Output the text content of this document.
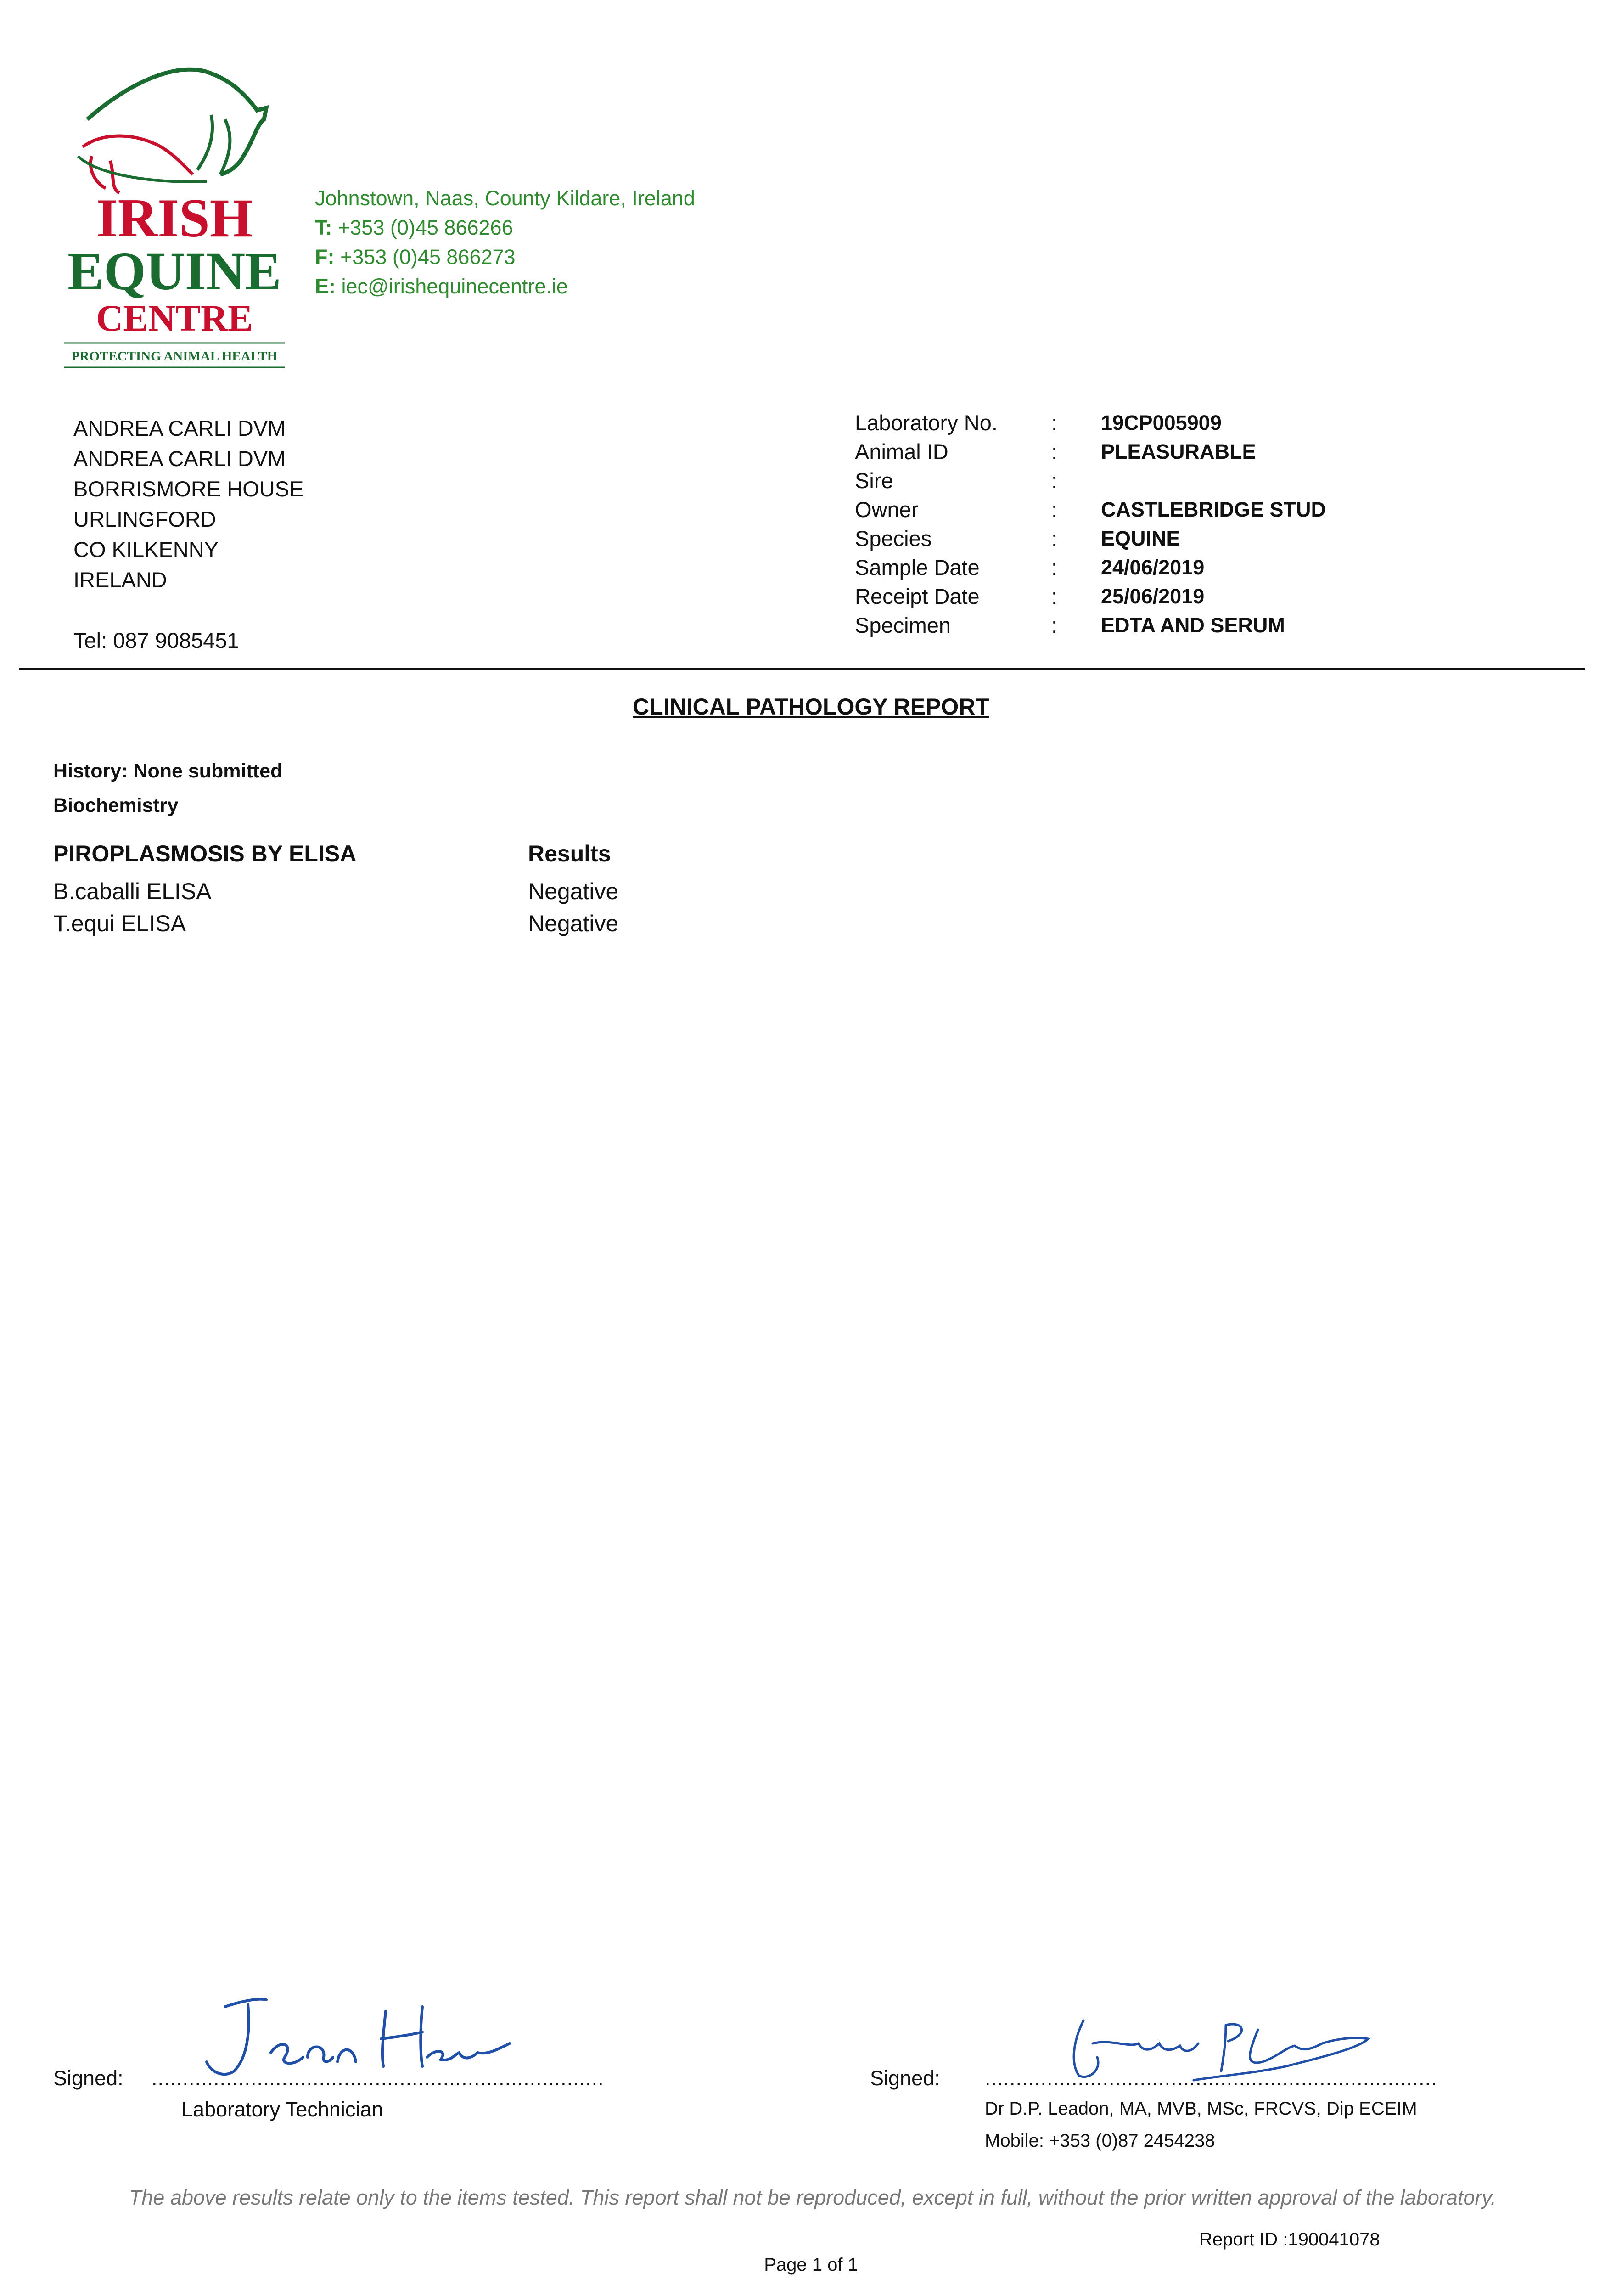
IRISH
EQUINE
CENTRE
PROTECTING ANIMAL HEALTH
Johnstown, Naas, County Kildare, Ireland
T: +353 (0)45 866266
F: +353 (0)45 866273
E: iec@irishequinecentre.ie
ANDREA CARLI DVM
ANDREA CARLI DVM
BORRISMORE HOUSE
URLINGFORD
CO KILKENNY
IRELAND
Tel: 087 9085451
Laboratory No. : 19CP005909
Animal ID	: PLEASURABLE
Sire	:
Owner	: CASTLEBRIDGE STUD
Species	: EQUINE
Sample Date	: 24/06/2019
Receipt Date	: 25/06/2019
Specimen	: EDTA AND SERUM
CLINICAL PATHOLOGY REPORT
History: None submitted
Biochemistry
PIROPLASMOSIS BY ELISA	Results
B.caballi ELISA	Negative
T.equi ELISA	Negative
Signed: .........................................................................
Laboratory Technician
Signed: .........................................................................
Dr D.P. Leadon, MA, MVB, MSc, FRCVS, Dip ECEIM
Mobile: +353 (0)87 2454238
The above results relate only to the items tested. This report shall not be reproduced, except in full, without the prior written approval of the laboratory.
Report ID :190041078
Page 1 of 1
